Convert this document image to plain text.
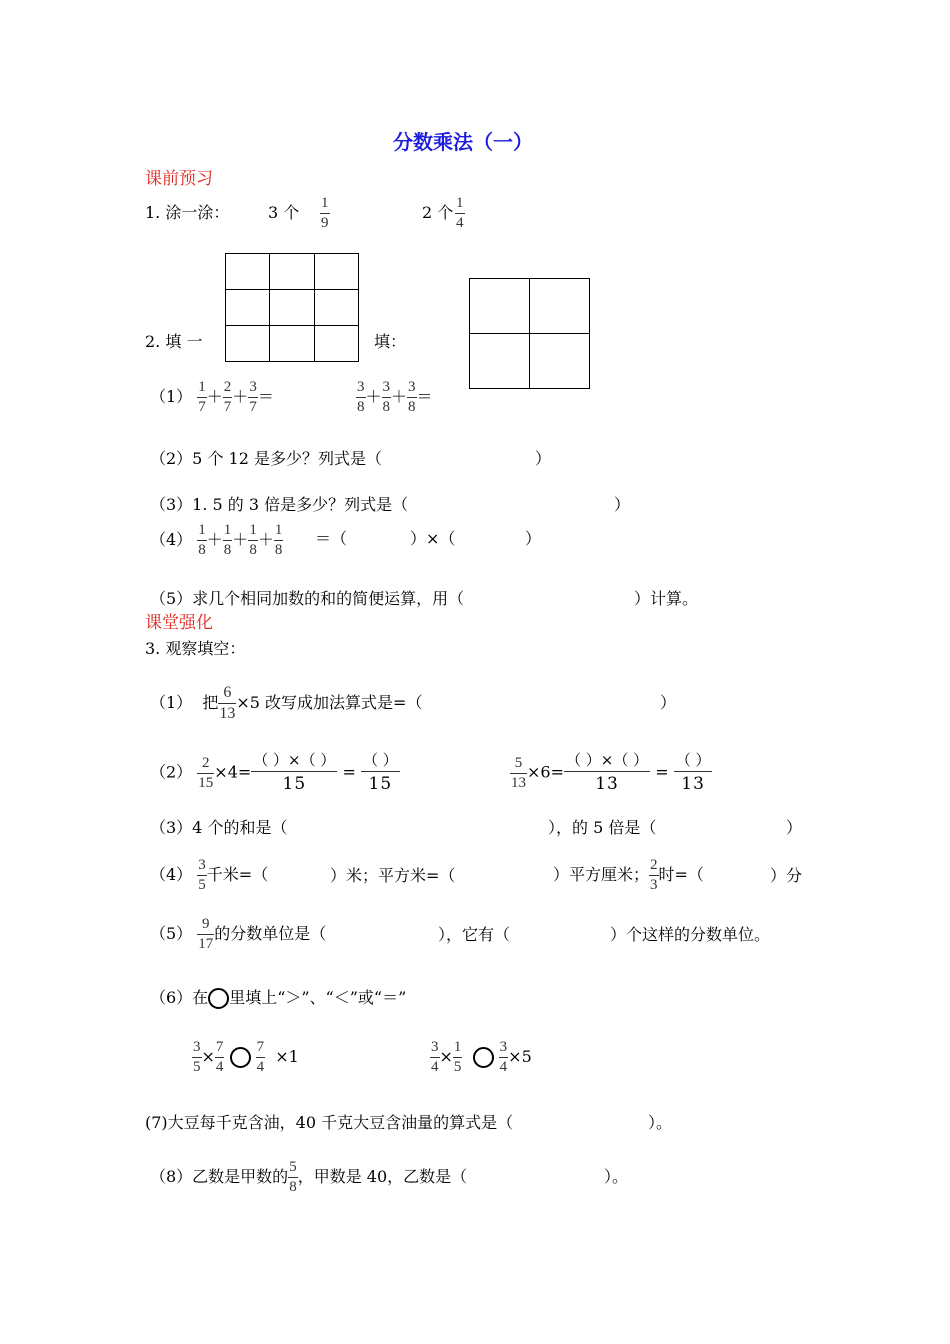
分数乘法（一）
课前预习
1. 涂一涂： 3 个 $\frac{1}{9}$	2 个 $\frac{1}{4}$

2. 填 一	填：
$(1) \frac{1}{7} + \frac{2}{7} + \frac{3}{7}$ ＝	$\frac{3}{8} + \frac{3}{8} + \frac{3}{8}$ ＝
（2）5 个 12 是多少？列式是（	）
（3）1. 5 的 3 倍是多少？列式是（	）
$(4) \frac{1}{8} + \frac{1}{8} + \frac{1}{8} + \frac{1}{8}$ ＝（	）×（	）
（5）求几个相同加数的和的简便运算，用（	）计算。
课堂强化
3. 观察填空：
（1） 把 $\frac{6}{13} \times 5$ 改写成加法算式是=（	）
$(2) \frac{2}{15} \times 4=$
（ ）×（ ）
15
=
（ ）
15	$\frac{5}{13} \times 6=$
（ ）×（ ）
13
=
（ ）
13
（3）4 个的和是（	），的 5 倍是（	）
$(4) \frac{3}{5}$ 千米=（	）米；平方米=（	）平方厘米； $\frac{2}{3}$ 时=（	）分
$(5) \frac{9}{17}$ 的分数单位是（	），它有（	）个这样的分数单位。
（6）在 里填上“＞”、“＜”或“＝”
$\frac{3}{5} \times \frac{7}{4}$
$\frac{7}{4} \times 1$	$\frac{3}{4} \times \frac{1}{5}$
$\frac{3}{4} \times 5$
(7)大豆每千克含油，40 千克大豆含油量的算式是（	）。
（8）乙数是甲数的 $\frac{5}{8}$ ，甲数是 40，乙数是（	）。
